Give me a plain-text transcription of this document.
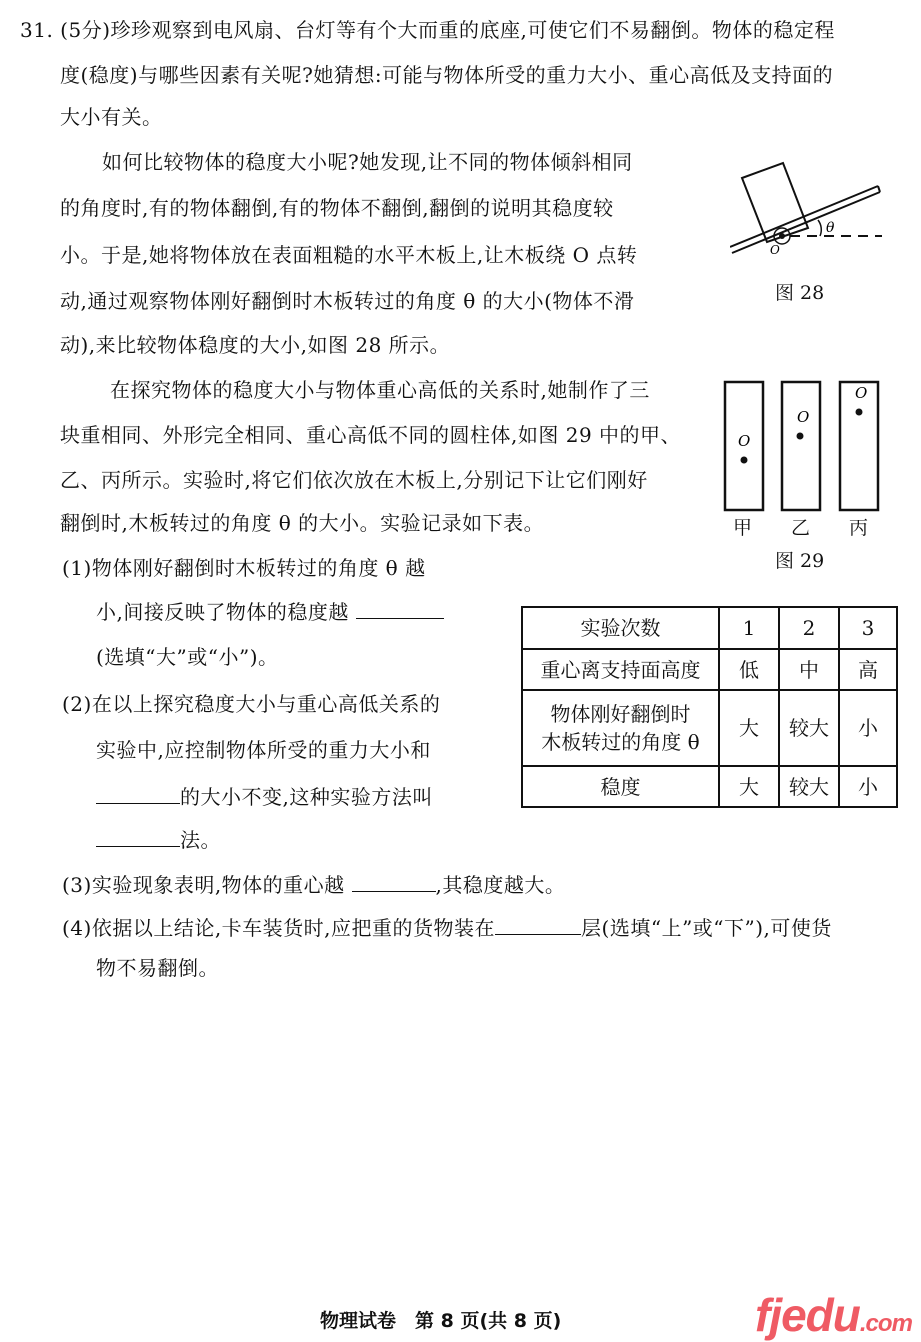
31. (5分)珍珍观察到电风扇、台灯等有个大而重的底座,可使它们不易翻倒。物体的稳定程
度(稳度)与哪些因素有关呢?她猜想:可能与物体所受的重力大小、重心高低及支持面的
大小有关。
如何比较物体的稳度大小呢?她发现,让不同的物体倾斜相同
的角度时,有的物体翻倒,有的物体不翻倒,翻倒的说明其稳度较
小。于是,她将物体放在表面粗糙的水平木板上,让木板绕 O 点转
动,通过观察物体刚好翻倒时木板转过的角度 θ 的大小(物体不滑
动),来比较物体稳度的大小,如图 28 所示。
在探究物体的稳度大小与物体重心高低的关系时,她制作了三
块重相同、外形完全相同、重心高低不同的圆柱体,如图 29 中的甲、
乙、丙所示。实验时,将它们依次放在木板上,分别记下让它们刚好
翻倒时,木板转过的角度 θ 的大小。实验记录如下表。
(1)物体刚好翻倒时木板转过的角度 θ 越
小,间接反映了物体的稳度越
(选填“大”或“小”)。
(2)在以上探究稳度大小与重心高低关系的
实验中,应控制物体所受的重力大小和
的大小不变,这种实验方法叫
法。
(3)实验现象表明,物体的重心越	,其稳度越大。
(4)依据以上结论,卡车装货时,应把重的货物装在	层(选填“上”或“下”),可使货
物不易翻倒。
θ
O
图 28
O
O
O
甲 乙 丙
图 29
实验次数	1	2	3
重心离支持面高度	低	中	高

物体刚好翻倒时
木板转过的角度 θ	大	较大	小
稳度	大	较大	小
物理试卷　第 8 页(共 8 页)	fjedu.com
